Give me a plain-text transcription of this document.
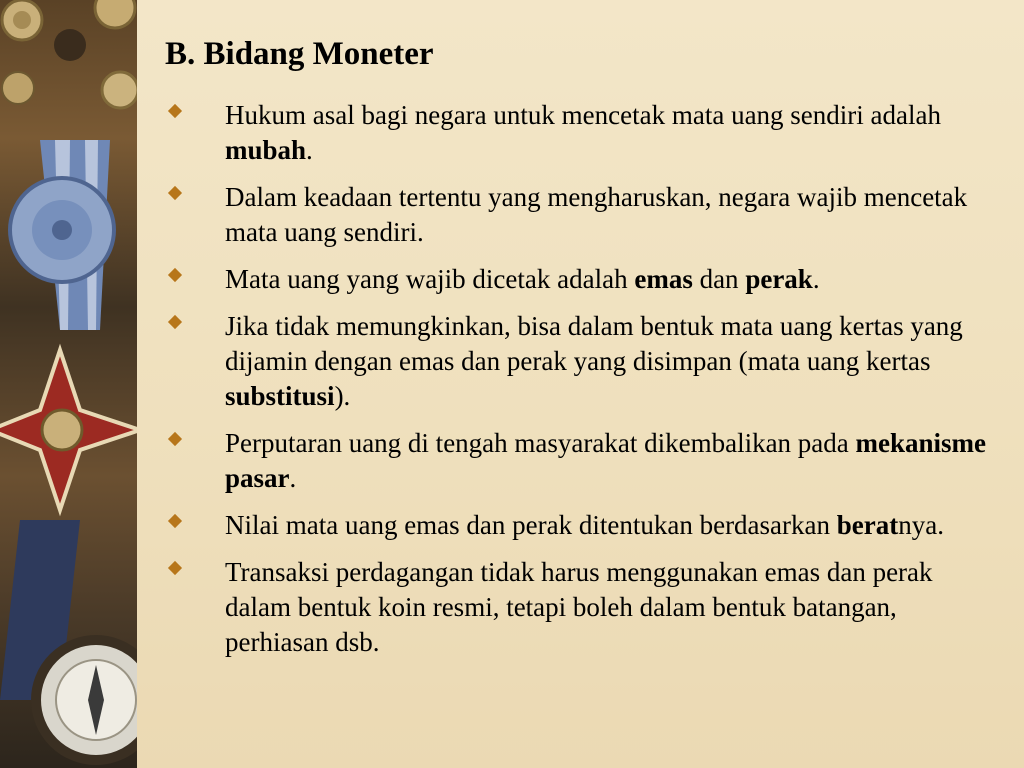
B. Bidang Moneter
Hukum asal bagi negara untuk mencetak mata uang sendiri adalah mubah.
Dalam keadaan tertentu yang mengharuskan, negara wajib mencetak mata uang sendiri.
Mata uang yang wajib dicetak adalah emas dan perak.
Jika tidak memungkinkan, bisa dalam bentuk mata uang kertas yang dijamin dengan emas dan perak yang disimpan (mata uang kertas substitusi).
Perputaran uang di tengah masyarakat dikembalikan pada mekanisme pasar.
Nilai mata uang emas dan perak ditentukan berdasarkan beratnya.
Transaksi perdagangan tidak harus menggunakan emas dan perak dalam bentuk koin resmi, tetapi boleh dalam bentuk batangan, perhiasan dsb.
